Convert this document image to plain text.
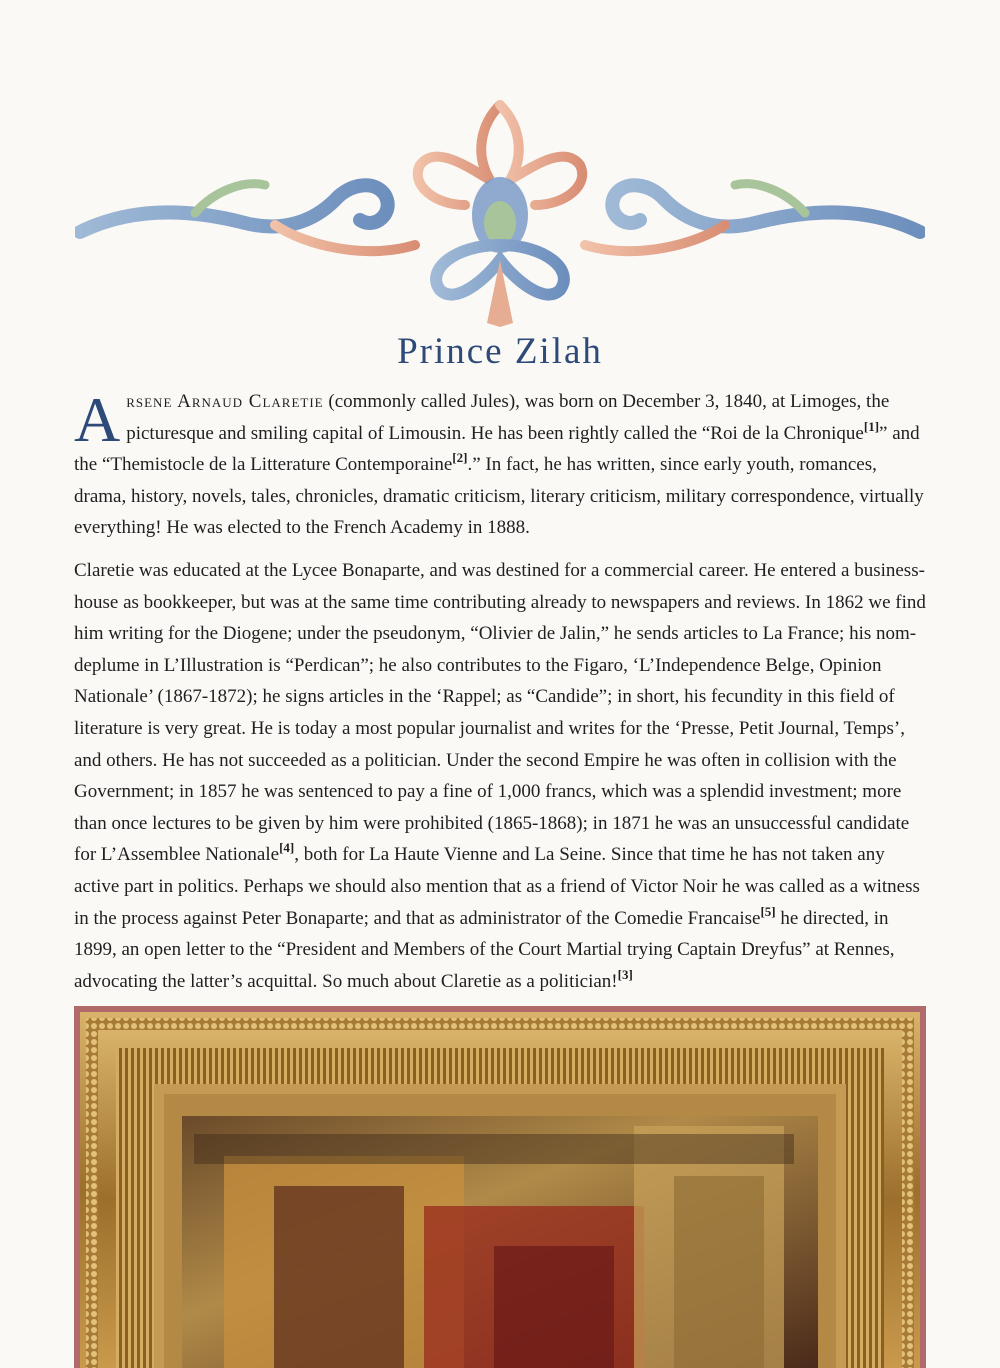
Prince Zilah

Arsene Arnaud Claretie (commonly called Jules), was born on December 3, 1840, at Limoges, the picturesque and smiling capital of Limousin. He has been rightly called the “Roi de la Chronique[1]” and the “Themistocle de la Litterature Contemporaine[2].” In fact, he has written, since early youth, romances, drama, history, novels, tales, chronicles, dramatic criticism, literary criticism, military correspondence, virtually everything! He was elected to the French Academy in 1888.

Claretie was educated at the Lycee Bonaparte, and was destined for a commercial career. He entered a business-house as bookkeeper, but was at the same time contributing already to newspapers and reviews. In 1862 we find him writing for the Diogene; under the pseudonym, “Olivier de Jalin,” he sends articles to La France; his nom-deplume in L’Illustration is “Perdican”; he also contributes to the Figaro, ‘L’Independence Belge, Opinion Nationale’ (1867-1872); he signs articles in the ‘Rappel; as “Candide”; in short, his fecundity in this field of literature is very great. He is today a most popular journalist and writes for the ‘Presse, Petit Journal, Temps’, and others. He has not succeeded as a politician. Under the second Empire he was often in collision with the Government; in 1857 he was sentenced to pay a fine of 1,000 francs, which was a splendid investment; more than once lectures to be given by him were prohibited (1865-1868); in 1871 he was an unsuccessful candidate for L’Assemblee Nationale[4], both for La Haute Vienne and La Seine. Since that time he has not taken any active part in politics. Perhaps we should also mention that as a friend of Victor Noir he was called as a witness in the process against Peter Bonaparte; and that as administrator of the Comedie Francaise[5] he directed, in 1899, an open letter to the “President and Members of the Court Martial trying Captain Dreyfus” at Rennes, advocating the latter’s acquittal. So much about Claretie as a politician![3]
